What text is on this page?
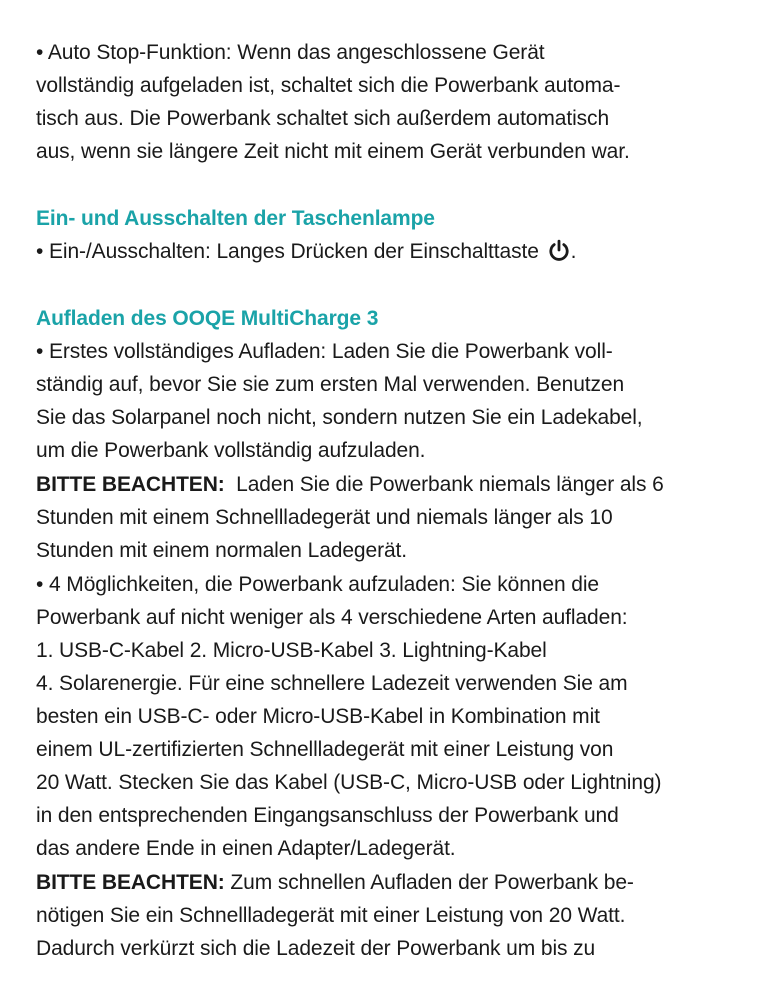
• Auto Stop-Funktion: Wenn das angeschlossene Gerät

vollständig aufgeladen ist, schaltet sich die Powerbank automa-

tisch aus. Die Powerbank schaltet sich außerdem automatisch

aus, wenn sie längere Zeit nicht mit einem Gerät verbunden war.

Ein- und Ausschalten der Taschenlampe

• Ein-/Ausschalten: Langes Drücken der Einschalttaste .

Aufladen des OOQE MultiCharge 3

• Erstes vollständiges Aufladen: Laden Sie die Powerbank voll-

ständig auf, bevor Sie sie zum ersten Mal verwenden. Benutzen

Sie das Solarpanel noch nicht, sondern nutzen Sie ein Ladekabel,

um die Powerbank vollständig aufzuladen.

BITTE BEACHTEN:  Laden Sie die Powerbank niemals länger als 6

Stunden mit einem Schnellladegerät und niemals länger als 10

Stunden mit einem normalen Ladegerät.

• 4 Möglichkeiten, die Powerbank aufzuladen: Sie können die

Powerbank auf nicht weniger als 4 verschiedene Arten aufladen:

1. USB-C-Kabel 2. Micro-USB-Kabel 3. Lightning-Kabel

4. Solarenergie. Für eine schnellere Ladezeit verwenden Sie am

besten ein USB-C- oder Micro-USB-Kabel in Kombination mit

einem UL-zertifizierten Schnellladegerät mit einer Leistung von

20 Watt. Stecken Sie das Kabel (USB-C, Micro-USB oder Lightning)

in den entsprechenden Eingangsanschluss der Powerbank und

das andere Ende in einen Adapter/Ladegerät.

BITTE BEACHTEN: Zum schnellen Aufladen der Powerbank be-

nötigen Sie ein Schnellladegerät mit einer Leistung von 20 Watt.

Dadurch verkürzt sich die Ladezeit der Powerbank um bis zu
